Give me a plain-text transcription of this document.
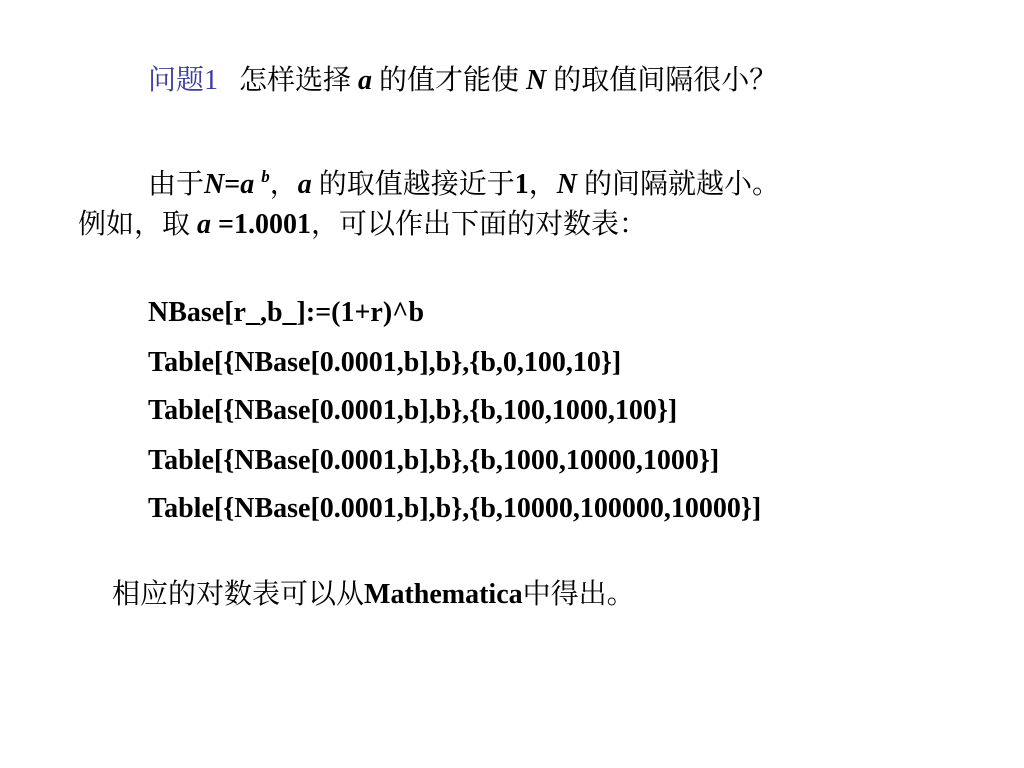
问题1 怎样选择 a 的值才能使 N 的取值间隔很小？
由于N=a $^b$，a 的取值越接近于1，N 的间隔就越小。
例如，取 a =1.0001，可以作出下面的对数表：
NBase[r_,b_]:=(1+r)^b
Table[{NBase[0.0001,b],b},{b,0,100,10}]
Table[{NBase[0.0001,b],b},{b,100,1000,100}]
Table[{NBase[0.0001,b],b},{b,1000,10000,1000}]
Table[{NBase[0.0001,b],b},{b,10000,100000,10000}]
相应的对数表可以从Mathematica中得出。
